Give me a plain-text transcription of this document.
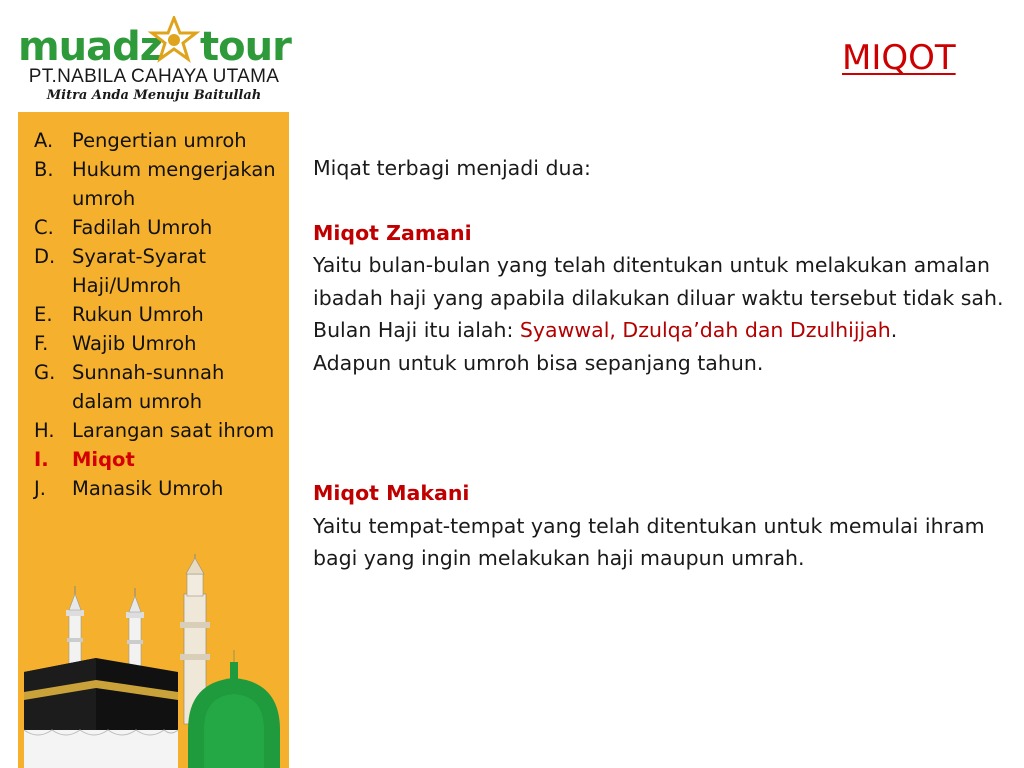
muadz tour
PT.NABILA CAHAYA UTAMA
Mitra Anda Menuju Baitullah
MIQOT
A. Pengertian umroh
B. Hukum mengerjakan umroh
C. Fadilah Umroh
D. Syarat-Syarat Haji/Umroh
E. Rukun Umroh
F. Wajib Umroh
G. Sunnah-sunnah dalam umroh
H. Larangan saat ihrom
I. Miqot
J. Manasik Umroh

Miqat terbagi menjadi dua:

Miqot Zamani

Yaitu bulan-bulan yang telah ditentukan untuk melakukan amalan ibadah haji yang apabila dilakukan diluar waktu tersebut tidak sah.

Bulan Haji itu ialah: Syawwal, Dzulqa’dah dan Dzulhijjah.

Adapun untuk umroh bisa sepanjang tahun.

Miqot Makani

Yaitu tempat-tempat yang telah ditentukan untuk memulai ihram bagi yang ingin melakukan haji maupun umrah.
